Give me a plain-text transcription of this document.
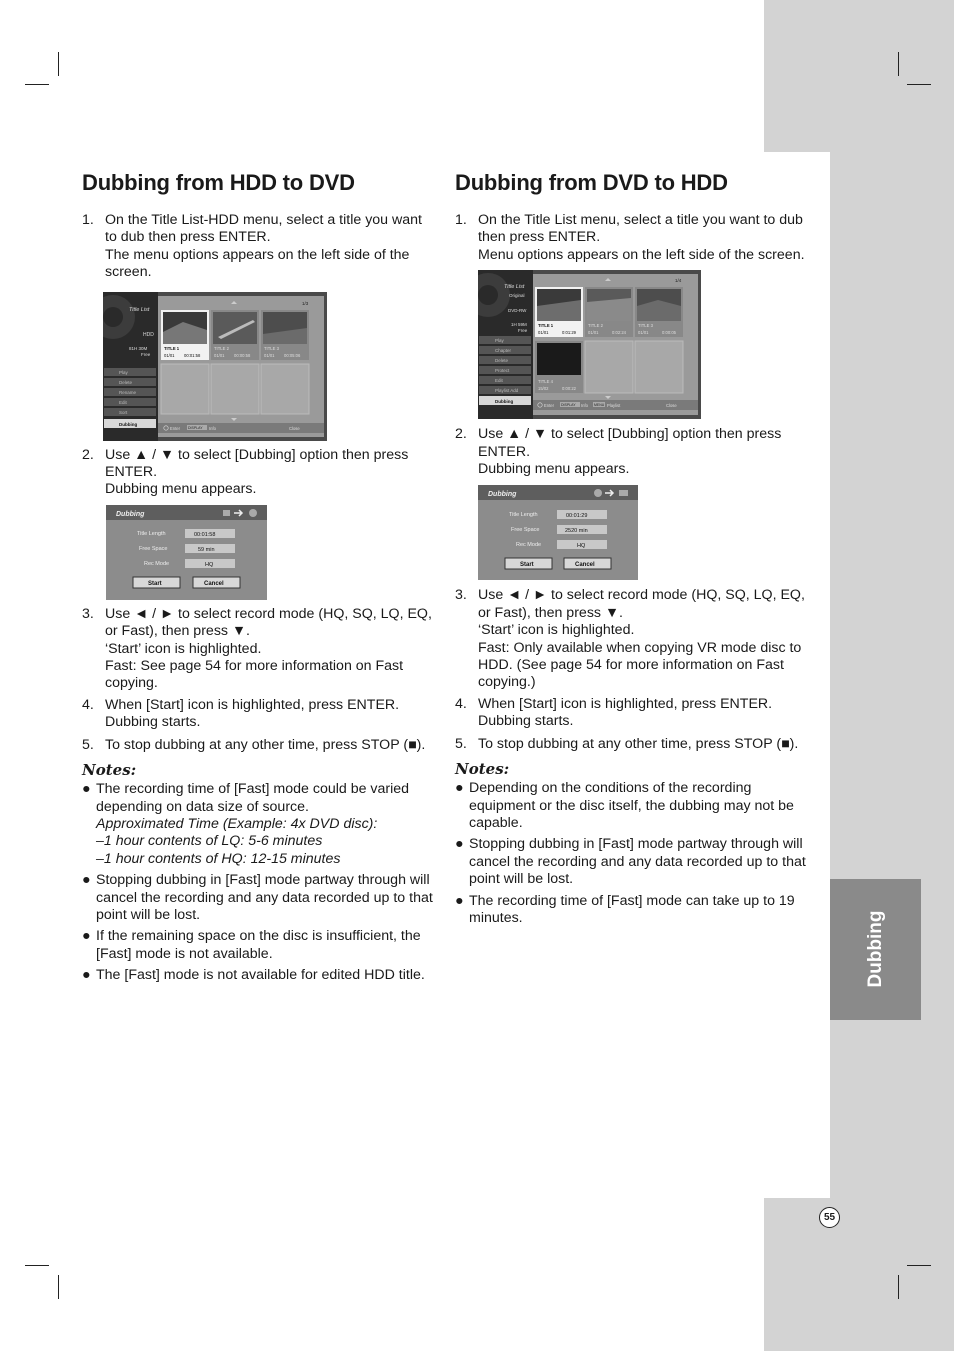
Dubbing
55
Dubbing from HDD to DVD
1. On the Title List-HDD menu, select a title you want to dub then press ENTER.
The menu options appears on the left side of the screen.
Title List
HDD
81H 30M
Free
1/3
Play
Delete
Rename
Edit
Sort
Dubbing
TITLE 1
01/01 00:01:58
TITLE 2
01/01 00:00:58
TITLE 3
01/01 00:05:06
Enter DISPLAY Info	Close
2. Use ▲ / ▼ to select [Dubbing] option then press ENTER.
Dubbing menu appears.
Dubbing
Title Length	00:01:58
Free Space	59 min
Rec Mode	HQ
Start	Cancel
3. Use ◄ / ► to select record mode (HQ, SQ, LQ, EQ, or Fast), then press ▼.
‘Start’ icon is highlighted.
Fast: See page 54 for more information on Fast copying.
4. When [Start] icon is highlighted, press ENTER. Dubbing starts.
5. To stop dubbing at any other time, press STOP (■).
Notes:
● The recording time of [Fast] mode could be varied depending on data size of source.
Approximated Time (Example: 4x DVD disc):
–1 hour contents of LQ: 5-6 minutes
–1 hour contents of HQ: 12-15 minutes
● Stopping dubbing in [Fast] mode partway through will cancel the recording and any data recorded up to that point will be lost.
● If the remaining space on the disc is insufficient, the [Fast] mode is not available.
● The [Fast] mode is not available for edited HDD title.
Dubbing from DVD to HDD
1. On the Title List menu, select a title you want to dub then press ENTER.
Menu options appears on the left side of the screen.
Title List
Original
DVD-RW
1H 59M
Free
1/4
Play
Chapter
Delete
Protect
Edit
Playlist Add
Dubbing
TITLE 1
01/01	0:01:29
TITLE 2
01/01	0:02:24
TITLE 3
01/01	0:00:05
TITLE 4
15/02	0:00:22
Enter DISPLAY Info MENU Playlist	Close
2. Use ▲ / ▼ to select [Dubbing] option then press ENTER.
Dubbing menu appears.
Dubbing
Title Length	00:01:29
Free Space	2520 min
Rec Mode	HQ
Start	Cancel
3. Use ◄ / ► to select record mode (HQ, SQ, LQ, EQ, or Fast), then press ▼.
‘Start’ icon is highlighted.
Fast: Only available when copying VR mode disc to HDD. (See page 54 for more information on Fast copying.)
4. When [Start] icon is highlighted, press ENTER. Dubbing starts.
5. To stop dubbing at any other time, press STOP (■).
Notes:
● Depending on the conditions of the recording equipment or the disc itself, the dubbing may not be capable.
● Stopping dubbing in [Fast] mode partway through will cancel the recording and any data recorded up to that point will be lost.
● The recording time of [Fast] mode can take up to 19 minutes.
